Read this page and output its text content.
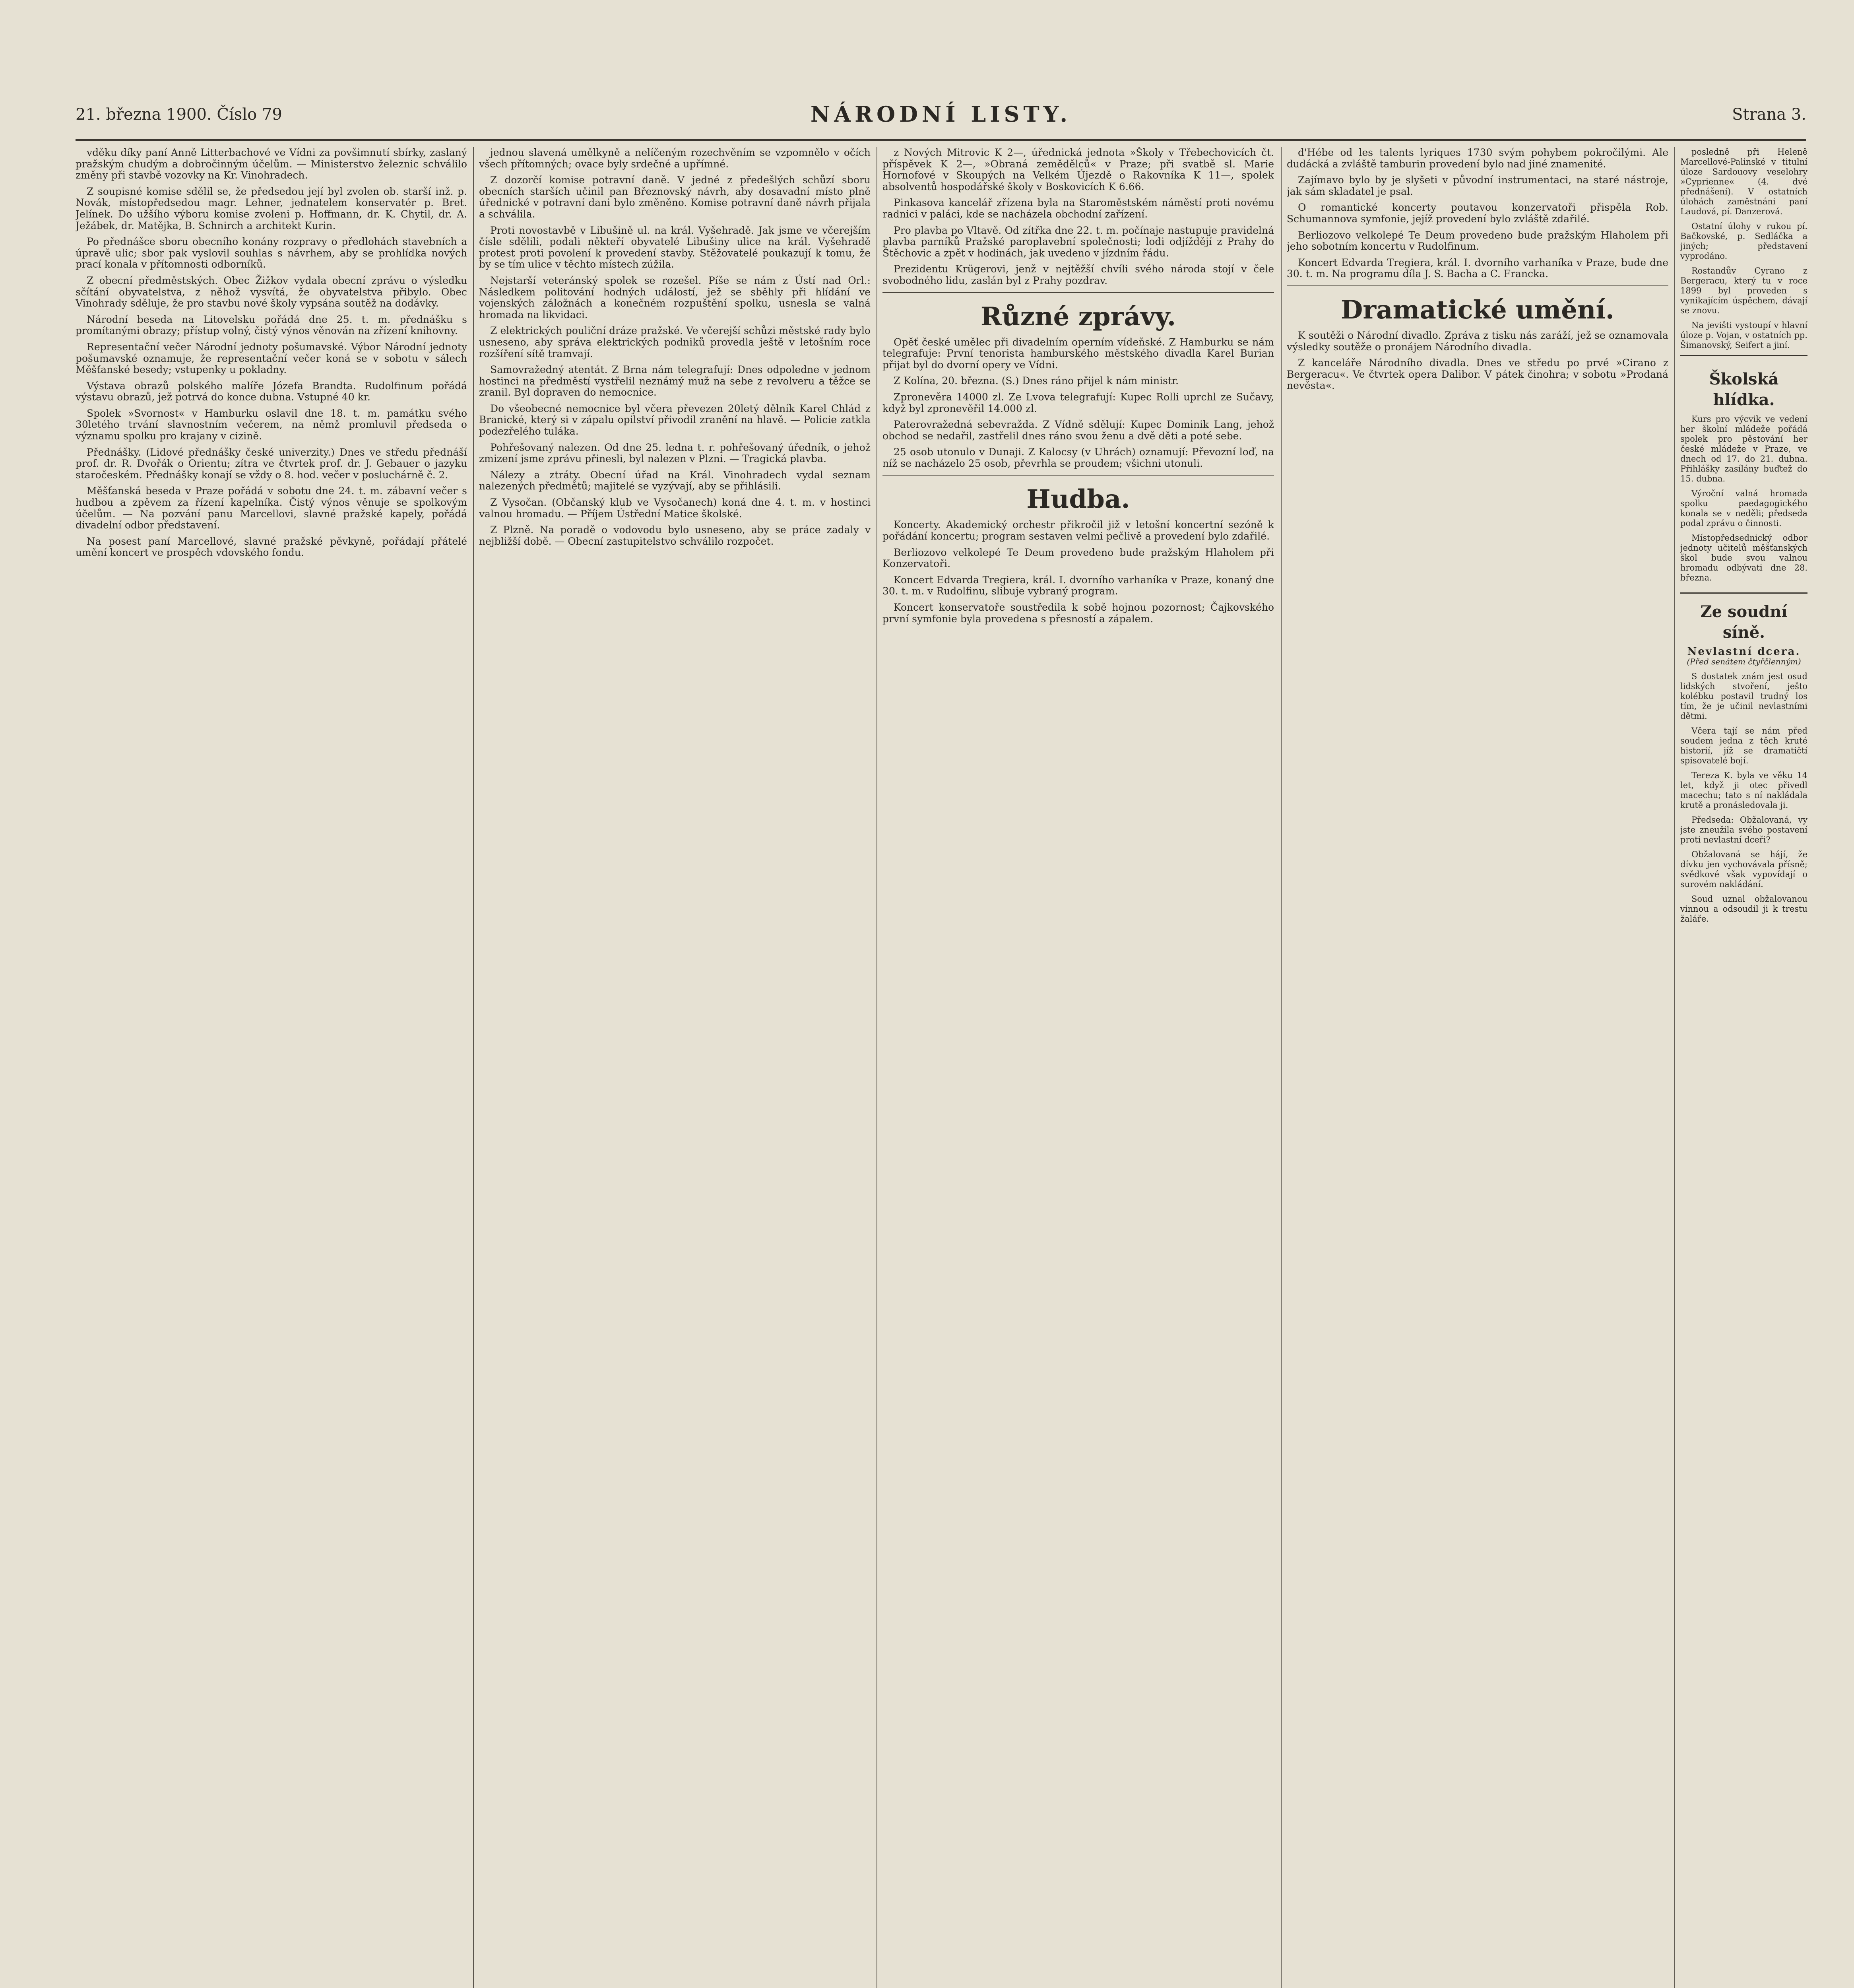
21. března 1900. Číslo 79	NÁRODNÍ LISTY.	Strana 3.

vděku díky paní Anně Litterbachové ve Vídni za povšimnutí sbírky, zaslaný pražským chudým a dobročinným účelům. — Ministerstvo železnic schválilo změny při stavbě vozovky na Kr. Vinohradech.

Z soupisné komise sdělil se, že předsedou její byl zvolen ob. starší inž. p. Novák, místopředsedou magr. Lehner, jednatelem konservatér p. Bret. Jelínek. Do užšího výboru komise zvoleni p. Hoffmann, dr. K. Chytil, dr. A. Ježábek, dr. Matějka, B. Schnirch a architekt Kurin.

Po přednášce sboru obecního konány rozpravy o předlohách stavebních a úpravě ulic; sbor pak vyslovil souhlas s návrhem, aby se prohlídka nových prací konala v přítomnosti odborníků.

Z obecní předměstských. Obec Žižkov vydala obecní zprávu o výsledku sčítání obyvatelstva, z něhož vysvítá, že obyvatelstva přibylo. Obec Vinohrady sděluje, že pro stavbu nové školy vypsána soutěž na dodávky.

Národní beseda na Litovelsku pořádá dne 25. t. m. přednášku s promítanými obrazy; přístup volný, čistý výnos věnován na zřízení knihovny.

Representační večer Národní jednoty pošumavské. Výbor Národní jednoty pošumavské oznamuje, že representační večer koná se v sobotu v sálech Měšťanské besedy; vstupenky u pokladny.

Výstava obrazů polského malíře Józefa Brandta. Rudolfinum pořádá výstavu obrazů, jež potrvá do konce dubna. Vstupné 40 kr.

Spolek »Svornost« v Hamburku oslavil dne 18. t. m. památku svého 30letého trvání slavnostním večerem, na němž promluvil předseda o významu spolku pro krajany v cizině.

Přednášky. (Lidové přednášky české univerzity.) Dnes ve středu přednáší prof. dr. R. Dvořák o Orientu; zítra ve čtvrtek prof. dr. J. Gebauer o jazyku staročeském. Přednášky konají se vždy o 8. hod. večer v posluchárně č. 2.

Měšťanská beseda v Praze pořádá v sobotu dne 24. t. m. zábavní večer s hudbou a zpěvem za řízení kapelníka. Čistý výnos věnuje se spolkovým účelům. — Na pozvání panu Marcellovi, slavné pražské kapely, pořádá divadelní odbor představení.

Na posest paní Marcellové, slavné pražské pěvkyně, pořádají přátelé umění koncert ve prospěch vdovského fondu.

jednou slavená umělkyně a nelíčeným rozechvěním se vzpomnělo v očích všech přítomných; ovace byly srdečné a upřímné.

Z dozorčí komise potravní daně. V jedné z předešlých schůzí sboru obecních starších učinil pan Březnovský návrh, aby dosavadní místo plně úřednické v potravní dani bylo změněno. Komise potravní daně návrh přijala a schválila.

Proti novostavbě v Libušině ul. na král. Vyšehradě. Jak jsme ve včerejším čísle sdělili, podali někteří obyvatelé Libušiny ulice na král. Vyšehradě protest proti povolení k provedení stavby. Stěžovatelé poukazují k tomu, že by se tím ulice v těchto místech zúžila.

Nejstarší veteránský spolek se rozešel. Píše se nám z Ústí nad Orl.: Následkem politování hodných událostí, jež se sběhly při hlídání ve vojenských záložnách a konečném rozpuštění spolku, usnesla se valná hromada na likvidaci.

Z elektrických pouliční dráze pražské. Ve včerejší schůzi městské rady bylo usneseno, aby správa elektrických podniků provedla ještě v letošním roce rozšíření sítě tramvají.

Samovražedný atentát. Z Brna nám telegrafují: Dnes odpoledne v jednom hostinci na předměstí vystřelil neznámý muž na sebe z revolveru a těžce se zranil. Byl dopraven do nemocnice.

Do všeobecné nemocnice byl včera převezen 20letý dělník Karel Chlád z Branické, který si v zápalu opilství přivodil zranění na hlavě. — Policie zatkla podezřelého tuláka.

Pohřešovaný nalezen. Od dne 25. ledna t. r. pohřešovaný úředník, o jehož zmizení jsme zprávu přinesli, byl nalezen v Plzni. — Tragická plavba.

Nálezy a ztráty. Obecní úřad na Král. Vinohradech vydal seznam nalezených předmětů; majitelé se vyzývají, aby se přihlásili.

Z Vysočan. (Občanský klub ve Vysočanech) koná dne 4. t. m. v hostinci valnou hromadu. — Příjem Ústřední Matice školské.

Z Plzně. Na poradě o vodovodu bylo usneseno, aby se práce zadaly v nejbližší době. — Obecní zastupitelstvo schválilo rozpočet.

z Nových Mitrovic K 2—, úřednická jednota »Školy v Třebechovicích čt. příspěvek K 2—, »Obraná zemědělců« v Praze; při svatbě sl. Marie Hornofové v Skoupých na Velkém Újezdě o Rakovníka K 11—, spolek absolventů hospodářské školy v Boskovicích K 6.66.

Pinkasova kancelář zřízena byla na Staroměstském náměstí proti novému radnici v paláci, kde se nacházela obchodní zařízení.

Pro plavba po Vltavě. Od zítřka dne 22. t. m. počínaje nastupuje pravidelná plavba parníků Pražské paroplavební společnosti; lodi odjíždějí z Prahy do Štěchovic a zpět v hodinách, jak uvedeno v jízdním řádu.

Prezidentu Krügerovi, jenž v nejtěžší chvíli svého národa stojí v čele svobodného lidu, zaslán byl z Prahy pozdrav.

Různé zprávy.

Opěť české umělec při divadelním operním vídeňské. Z Hamburku se nám telegrafuje: První tenorista hamburského městského divadla Karel Burian přijat byl do dvorní opery ve Vídni.

Z Kolína, 20. března. (S.) Dnes ráno přijel k nám ministr.

Zpronevěra 14000 zl. Ze Lvova telegrafují: Kupec Rolli uprchl ze Sučavy, když byl zpronevěřil 14.000 zl.

Paterovražedná sebevražda. Z Vídně sdělují: Kupec Dominik Lang, jehož obchod se nedařil, zastřelil dnes ráno svou ženu a dvě děti a poté sebe.

25 osob utonulo v Dunaji. Z Kalocsy (v Uhrách) oznamují: Převozní loď, na níž se nacházelo 25 osob, převrhla se proudem; všichni utonuli.

Hudba.

Koncerty. Akademický orchestr přikročil již v letošní koncertní sezóně k pořádání koncertu; program sestaven velmi pečlivě a provedení bylo zdařilé.

Berliozovo velkolepé Te Deum provedeno bude pražským Hlaholem při Konzervatoři.

Koncert Edvarda Tregiera, král. I. dvorního varhaníka v Praze, konaný dne 30. t. m. v Rudolfinu, slibuje vybraný program.

Koncert konservatoře soustředila k sobě hojnou pozornost; Čajkovského první symfonie byla provedena s přesností a zápalem.

d'Hébe od les talents lyriques 1730 svým pohybem pokročilými. Ale dudácká a zvláště tamburin provedení bylo nad jiné znamenité.

Zajímavo bylo by je slyšeti v původní instrumentaci, na staré nástroje, jak sám skladatel je psal.

O romantické koncerty poutavou konzervatoři přispěla Rob. Schumannova symfonie, jejíž provedení bylo zvláště zdařilé.

Berliozovo velkolepé Te Deum provedeno bude pražským Hlaholem při jeho sobotním koncertu v Rudolfinum.

Koncert Edvarda Tregiera, král. I. dvorního varhaníka v Praze, bude dne 30. t. m. Na programu díla J. S. Bacha a C. Francka.

Dramatické umění.

K soutěži o Národní divadlo. Zpráva z tisku nás zaráží, jež se oznamovala výsledky soutěže o pronájem Národního divadla.

Z kanceláře Národního divadla. Dnes ve středu po prvé »Cirano z Bergeracu«. Ve čtvrtek opera Dalibor. V pátek činohra; v sobotu »Prodaná nevěsta«.

posledně při Heleně Marcellové-Palinské v titulní úloze Sardouovy veselohry »Cyprienne« (4. dvé přednášení). V ostatních úlohách zaměstnáni paní Laudová, pí. Danzerová.

Ostatní úlohy v rukou pí. Bačkovské, p. Sedláčka a jiných; představení vyprodáno.

Rostandův Cyrano z Bergeracu, který tu v roce 1899 byl proveden s vynikajícím úspěchem, dávají se znovu.

Na jevišti vystoupí v hlavní úloze p. Vojan, v ostatních pp. Šimanovský, Seifert a jiní.

Školská hlídka.

Kurs pro výcvik ve vedení her školní mládeže pořádá spolek pro pěstování her české mládeže v Praze, ve dnech od 17. do 21. dubna. Přihlášky zasílány buďtež do 15. dubna.

Výroční valná hromada spolku paedagogického konala se v neděli; předseda podal zprávu o činnosti.

Místopředsednický odbor jednoty učitelů měšťanských škol bude svou valnou hromadu odbývati dne 28. března.

Ze soudní síně.
Nevlastní dcera.
(Před senátem čtyřčlenným)

S dostatek znám jest osud lidských stvoření, ješto kolébku postavil trudný los tím, že je učinil nevlastními dětmi.

Včera tají se nám před soudem jedna z těch kruté historií, jíž se dramatičtí spisovatelé bojí.

Tereza K. byla ve věku 14 let, když ji otec přivedl macechu; tato s ní nakládala krutě a pronásledovala ji.

Předseda: Obžalovaná, vy jste zneužila svého postavení proti nevlastní dceři?

Obžalovaná se hájí, že dívku jen vychovávala přísně; svědkové však vypovídají o surovém nakládání.

Soud uznal obžalovanou vinnou a odsoudil ji k trestu žaláře.
